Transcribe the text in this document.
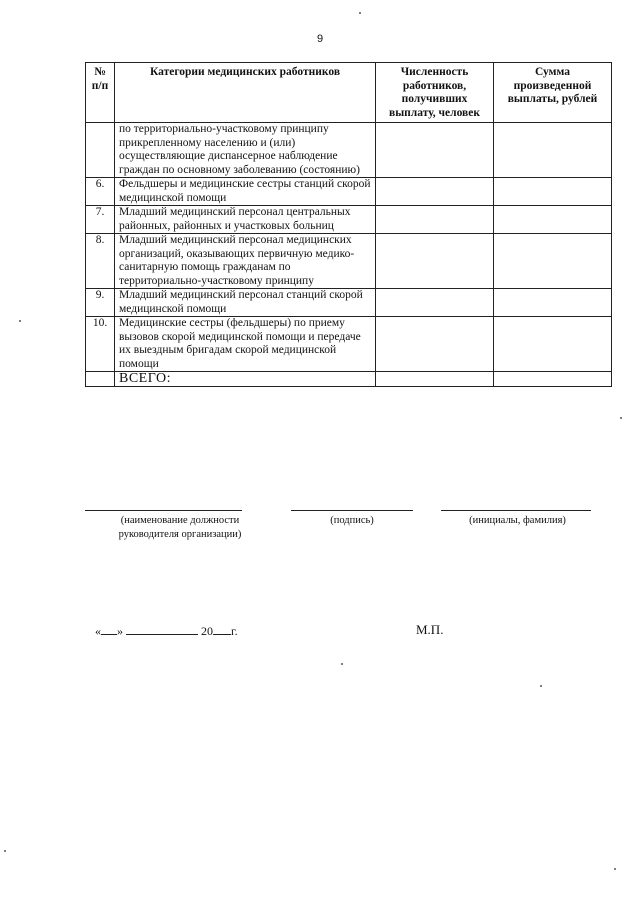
9
№ п/п	Категории медицинских работников	Численность работников, получивших выплату, человек	Сумма произведенной выплаты, рублей
	по территориально-участковому принципу прикрепленному населению и (или) осуществляющие диспансерное наблюдение граждан по основному заболеванию (состоянию)		
6.	Фельдшеры и медицинские сестры станций скорой медицинской помощи		
7.	Младший медицинский персонал центральных районных, районных и участковых больниц		
8.	Младший медицинский персонал медицинских организаций, оказывающих первичную медико-санитарную помощь гражданам по территориально-участковому принципу		
9.	Младший медицинский персонал станций скорой медицинской помощи		
10.	Медицинские сестры (фельдшеры) по приему вызовов скорой медицинской помощи и передаче их выездным бригадам скорой медицинской помощи		
	ВСЕГО:		
(наименование должности руководителя организации)
(подпись)	(инициалы, фамилия)
« »	20 г.	М.П.
